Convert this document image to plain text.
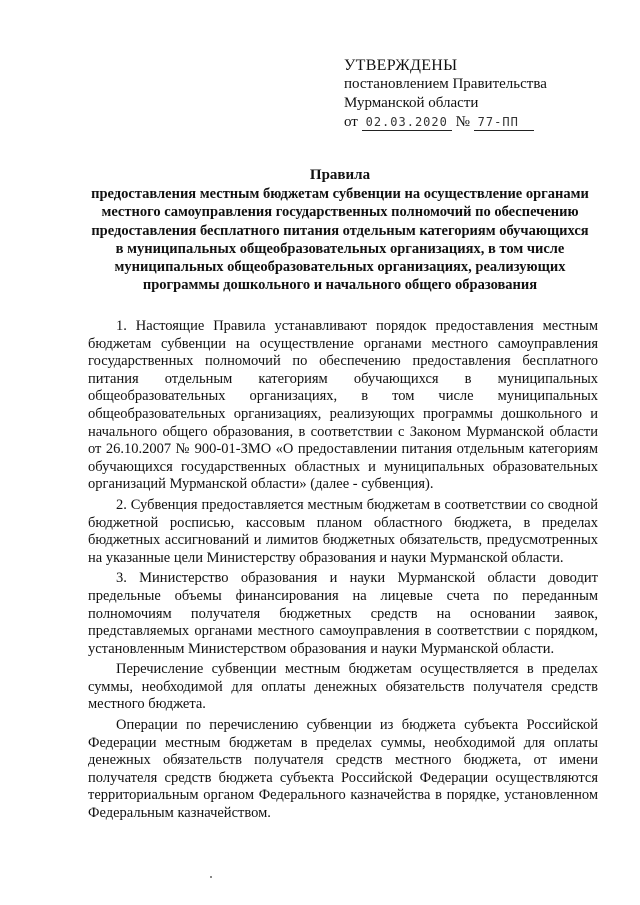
УТВЕРЖДЕНЫ
постановлением Правительства
Мурманской области
от 02.03.2020 № 77-ПП
Правила
предоставления местным бюджетам субвенции на осуществление органами местного самоуправления государственных полномочий по обеспечению предоставления бесплатного питания отдельным категориям обучающихся в муниципальных общеобразовательных организациях, в том числе муниципальных общеобразовательных организациях, реализующих программы дошкольного и начального общего образования

1. Настоящие Правила устанавливают порядок предоставления местным бюджетам субвенции на осуществление органами местного самоуправления государственных полномочий по обеспечению предоставления бесплатного питания отдельным категориям обучающихся в муниципальных общеобразовательных организациях, в том числе муниципальных общеобразовательных организациях, реализующих программы дошкольного и начального общего образования, в соответствии с Законом Мурманской области от 26.10.2007 № 900-01-ЗМО «О предоставлении питания отдельным категориям обучающихся государственных областных и муниципальных образовательных организаций Мурманской области» (далее - субвенция).

2. Субвенция предоставляется местным бюджетам в соответствии со сводной бюджетной росписью, кассовым планом областного бюджета, в пределах бюджетных ассигнований и лимитов бюджетных обязательств, предусмотренных на указанные цели Министерству образования и науки Мурманской области.

3. Министерство образования и науки Мурманской области доводит предельные объемы финансирования на лицевые счета по переданным полномочиям получателя бюджетных средств на основании заявок, представляемых органами местного самоуправления в соответствии с порядком, установленным Министерством образования и науки Мурманской области.

Перечисление субвенции местным бюджетам осуществляется в пределах суммы, необходимой для оплаты денежных обязательств получателя средств местного бюджета.

Операции по перечислению субвенции из бюджета субъекта Российской Федерации местным бюджетам в пределах суммы, необходимой для оплаты денежных обязательств получателя средств местного бюджета, от имени получателя средств бюджета субъекта Российской Федерации осуществляются территориальным органом Федерального казначейства в порядке, установленном Федеральным казначейством.
